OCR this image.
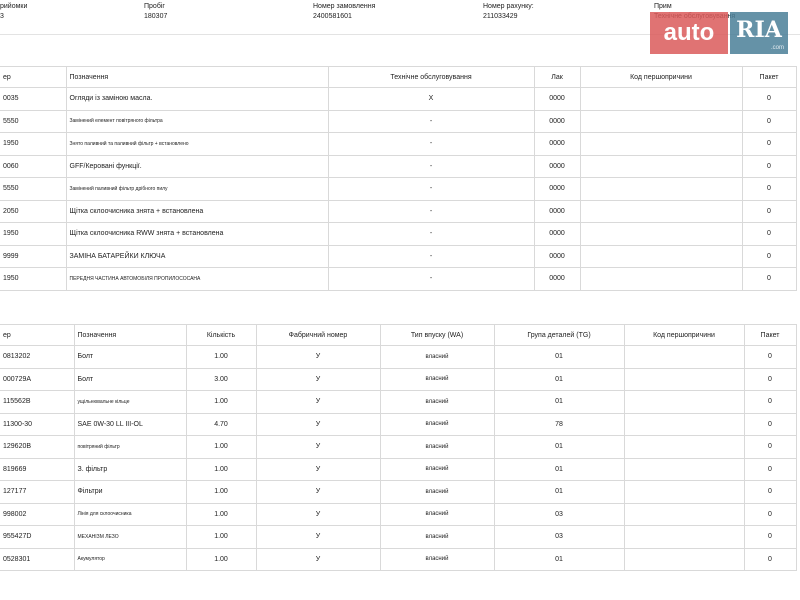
рийомки
3
Пробіг
180307
Номер замовлення
2400581601
Номер рахунку:
211033429
Прим
auto RIA
.com
ер	Позначення	Технічне обслуговування	Лак	Код першопричини	Пакет
0035	Огляди із заміною масла.	X	0000		0
5550	Замінений елемент повітряного фільтра	-	0000		0
1950	Знято паливний та паливний фільтр + встановлено	-	0000		0
0060	GFF/Керовані функції.	-	0000		0
5550	Замінений паливний фільтр дрібного пилу	-	0000		0
2050	Щітка склоочисника знята + встановлена	-	0000		0
1950	Щітка склоочисника RWW знята + встановлена	-	0000		0
9999	ЗАМІНА БАТАРЕЙКИ КЛЮЧА	-	0000		0
1950	ПЕРЕДНЯ ЧАСТИНА АВТОМОБІЛЯ ПРОПИЛОСОСАНА	-	0000		0
ер	Позначення	Кількість	Фабричний номер	Тип впуску (WA)	Група деталей (TG)	Код першопричини	Пакет
0813202	Болт	1.00	У	власний	01		0
000729A	Болт	3.00	У	власний	01		0
115562B	ущільнювальне кільце	1.00	У	власний	01		0
11300-30	SAE 0W-30 LL III-OL	4.70	У	власний	78		0
129620B	повітряний фільтр	1.00	У	власний	01		0
819669	З. фільтр	1.00	У	власний	01		0
127177	Фільтри	1.00	У	власний	01		0
998002	Лінія для склоочисника	1.00	У	власний	03		0
955427D	МЕХАНІЗМ ЛЕЗО	1.00	У	власний	03		0
0528301	Акумулятор	1.00	У	власний	01		0
